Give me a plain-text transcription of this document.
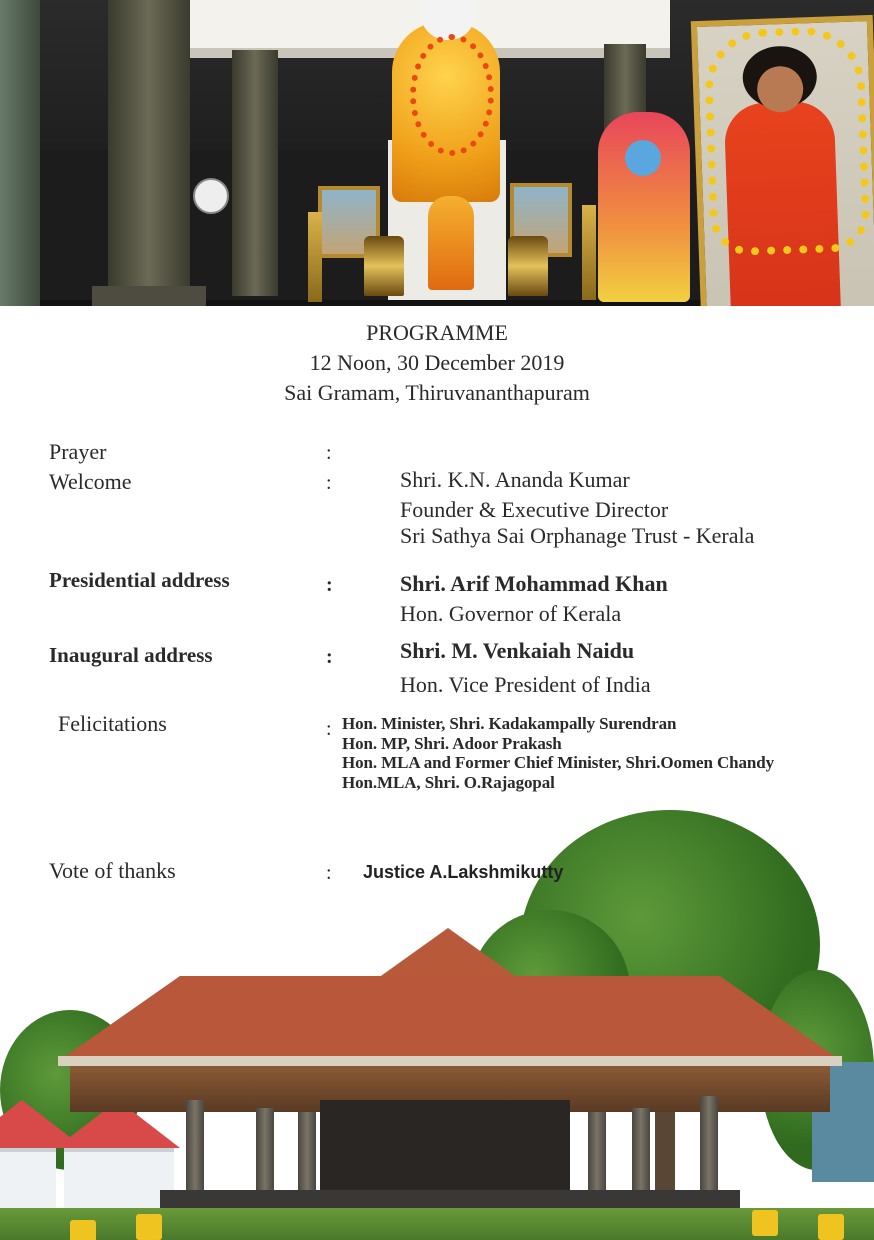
PROGRAMME
12 Noon, 30 December 2019
Sai Gramam, Thiruvananthapuram
Prayer	:
Welcome	:	Shri. K.N. Ananda Kumar
Founder & Executive Director
Sri Sathya Sai Orphanage Trust - Kerala
Presidential address	:	Shri. Arif Mohammad Khan
Hon. Governor of Kerala
Inaugural address	:	Shri. M. Venkaiah Naidu
Hon. Vice President of India
Felicitations	: Hon. Minister, Shri. Kadakampally Surendran
Hon. MP, Shri. Adoor Prakash
Hon. MLA and Former Chief Minister, Shri.Oomen Chandy
Hon.MLA, Shri. O.Rajagopal
Vote of thanks	: Justice A.Lakshmikutty
